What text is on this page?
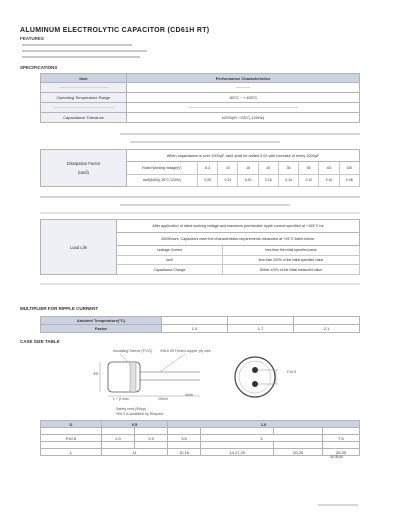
ALUMINUM ELECTROLYTIC CAPACITOR (CD61H RT)
FEATURES
SPECIFICATIONS
Item	Performance Characteristics

Operating Temperature Range	-55°C ~ +105°C

Capacitance Tolerance	±20%(M ,+25°C,120Hz)
Dissipation Factor
(tanδ)	When capacitance is over 1000µF, tanδ shall be added 0.02 with increase of every 1000µF								
	Rated Working Voltage(V)	6.3	10	16	25	35	50	63	100
	tanδ(MAX)(-25°C,120Hz)	0.28	0.24	0.20	0.16	0.14	0.12	0.10	0.08
Load Life	After application of rated working voltage and maximum permissible ripple current specified at +105°C for	
	2000hours, Capacitors meet the characteristics requirements measured at +25°C listed below:	
	Leakage Current	less than the initial specified value
	tanδ	less than 200% of the initial specified value
	Capacitance Change	Within ±20% of the initial measured value
MULTIPLIER FOR RIPPLE CURRENT
Ambient Temperature(°C)			
Factor	1.0	1.7	2.1
CASE SIZE TABLE
Insulating Sleeve (P.V.C) Φd±0.05 Tinned copper ply wire
ΦD
L + β max	15min
4min
F±0.5
Safety vent (Φ6up)
*Φ6.3 is available by Request
D	0.5		1.0			

F±0.5	2.0	2.5	3.5	5		7.5

L	11		12,16	14,17,20	20,25	25,30
30,35,40
